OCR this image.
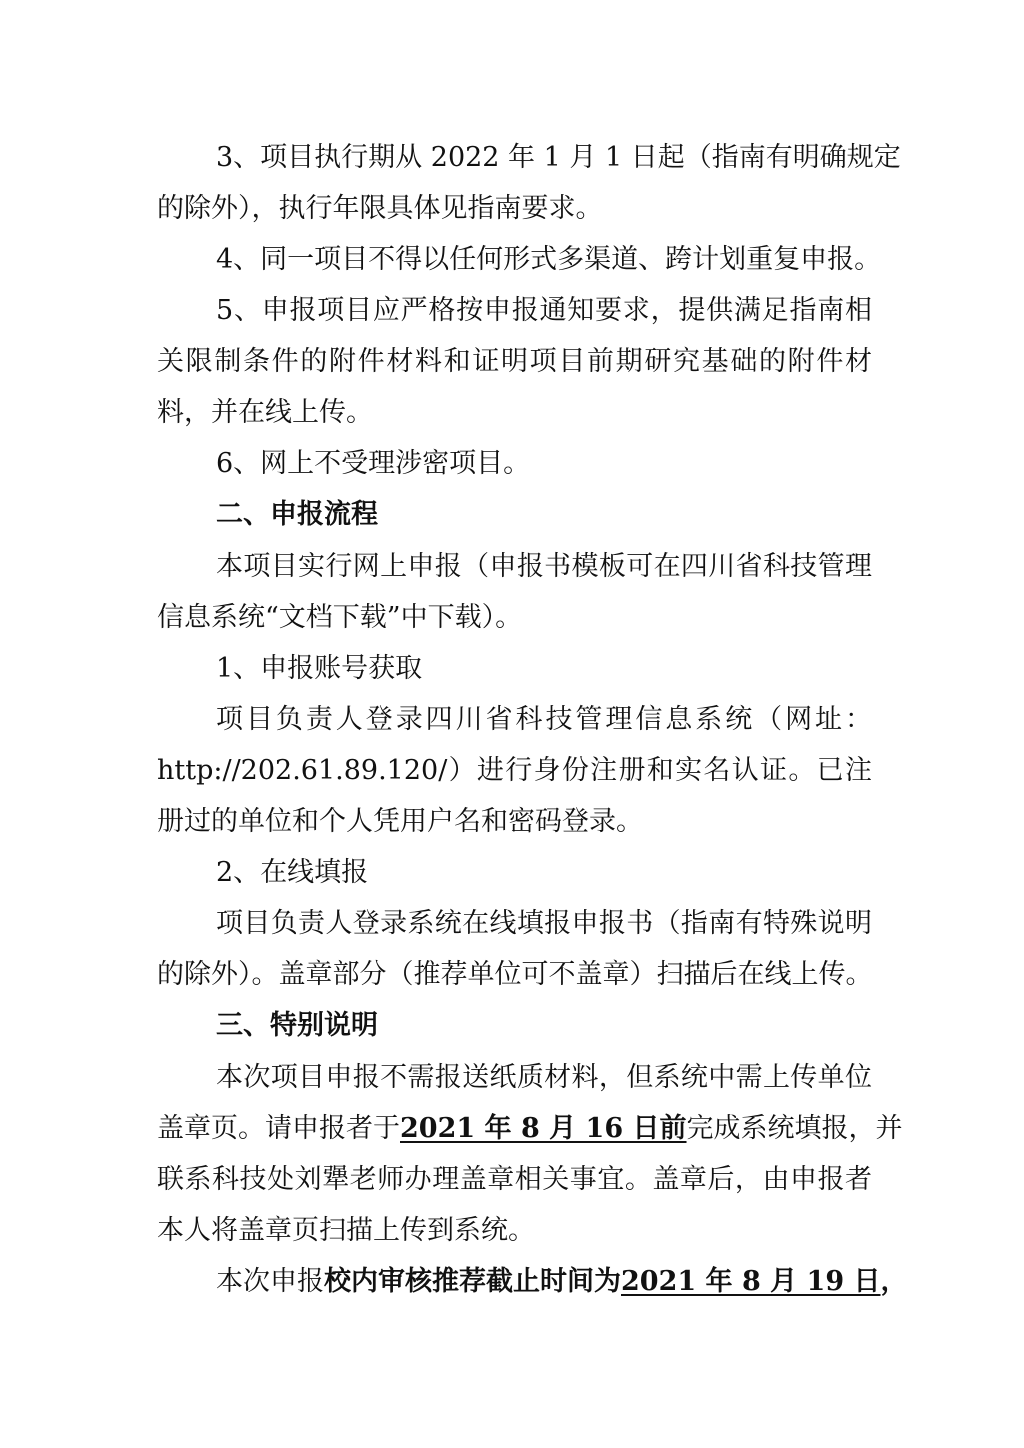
3、项目执行期从 2022 年 1 月 1 日起（指南有明确规定
的除外），执行年限具体见指南要求。
4、同一项目不得以任何形式多渠道、跨计划重复申报。
5、申报项目应严格按申报通知要求，提供满足指南相
关限制条件的附件材料和证明项目前期研究基础的附件材
料，并在线上传。
6、网上不受理涉密项目。
二、申报流程
本项目实行网上申报（申报书模板可在四川省科技管理
信息系统“文档下载”中下载）。
1、申报账号获取
项目负责人登录四川省科技管理信息系统（网址：
http://202.61.89.120/）进行身份注册和实名认证。已注
册过的单位和个人凭用户名和密码登录。
2、在线填报
项目负责人登录系统在线填报申报书（指南有特殊说明
的除外）。盖章部分（推荐单位可不盖章）扫描后在线上传。
三、特别说明
本次项目申报不需报送纸质材料，但系统中需上传单位
盖章页。请申报者于2021 年 8 月 16 日前完成系统填报，并
联系科技处刘犟老师办理盖章相关事宜。盖章后，由申报者
本人将盖章页扫描上传到系统。
本次申报校内审核推荐截止时间为2021 年 8 月 19 日，
